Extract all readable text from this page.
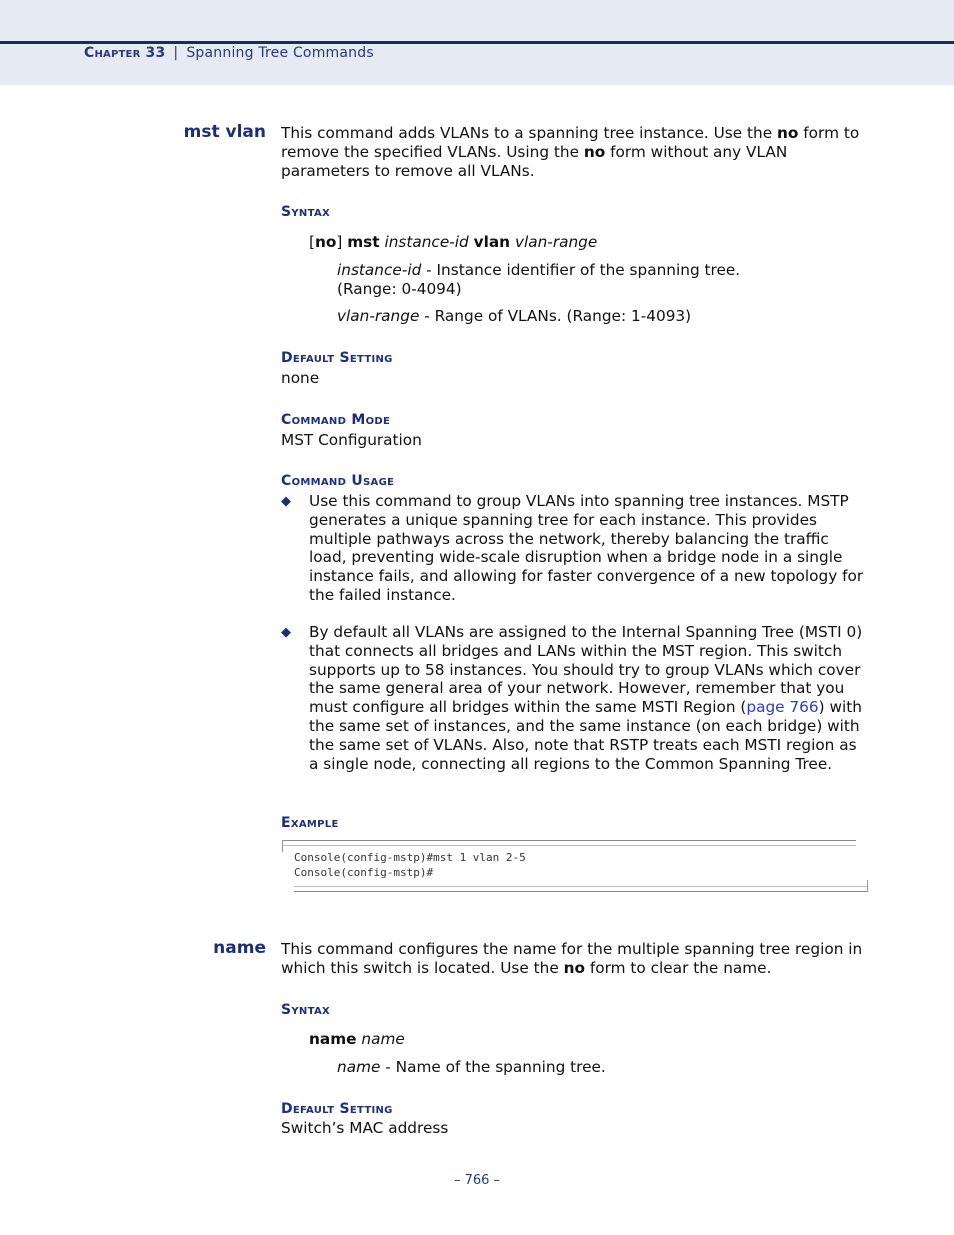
Chapter 33 | Spanning Tree Commands
mst vlan This command adds VLANs to a spanning tree instance. Use the no form to remove the specified VLANs. Using the no form without any VLAN parameters to remove all VLANs.

Syntax

[no] mst instance-id vlan vlan-range

instance-id - Instance identifier of the spanning tree.
(Range: 0-4094)

vlan-range - Range of VLANs. (Range: 1-4093)

Default Setting

none

Command Mode

MST Configuration

Command Usage
◆ Use this command to group VLANs into spanning tree instances. MSTP generates a unique spanning tree for each instance. This provides multiple pathways across the network, thereby balancing the traffic load, preventing wide-scale disruption when a bridge node in a single instance fails, and allowing for faster convergence of a new topology for the failed instance.

◆ By default all VLANs are assigned to the Internal Spanning Tree (MSTI 0) that connects all bridges and LANs within the MST region. This switch supports up to 58 instances. You should try to group VLANs which cover the same general area of your network. However, remember that you must configure all bridges within the same MSTI Region (page 766) with the same set of instances, and the same instance (on each bridge) with the same set of VLANs. Also, note that RSTP treats each MSTI region as a single node, connecting all regions to the Common Spanning Tree.

Example
Console(config-mstp)#mst 1 vlan 2-5
Console(config-mstp)#
name This command configures the name for the multiple spanning tree region in which this switch is located. Use the no form to clear the name.

Syntax

name name

name - Name of the spanning tree.

Default Setting

Switch’s MAC address

– 766 –
